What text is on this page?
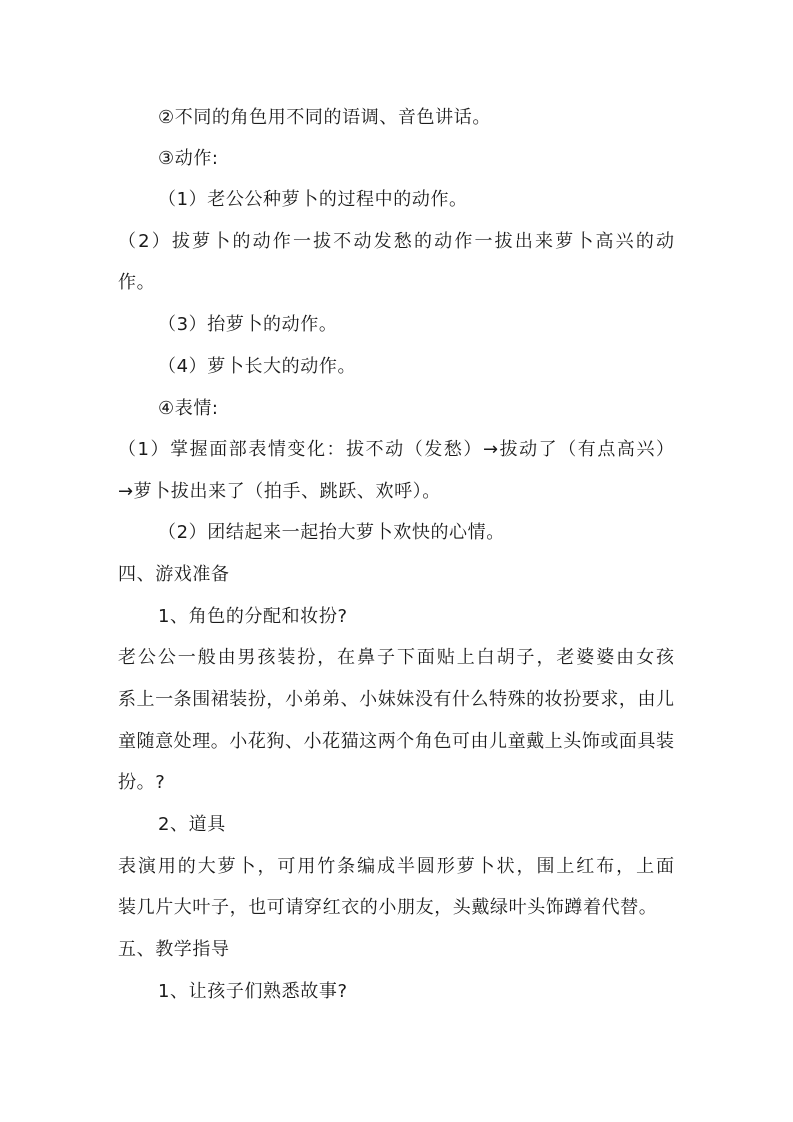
②不同的角色用不同的语调、音色讲话。
③动作:
（1）老公公种萝卜的过程中的动作。
（2）拔萝卜的动作一拔不动发愁的动作一拔出来萝卜高兴的动
作。
（3）抬萝卜的动作。
（4）萝卜长大的动作。
④表情:
（1）掌握面部表情变化：拔不动（发愁）→拔动了（有点高兴）
→萝卜拔出来了（拍手、跳跃、欢呼）。
（2）团结起来一起抬大萝卜欢快的心情。
四、游戏准备
1、角色的分配和妆扮?
老公公一般由男孩装扮，在鼻子下面贴上白胡子，老婆婆由女孩
系上一条围裙装扮，小弟弟、小妹妹没有什么特殊的妆扮要求，由儿
童随意处理。小花狗、小花猫这两个角色可由儿童戴上头饰或面具装
扮。?
2、道具
表演用的大萝卜，可用竹条编成半圆形萝卜状，围上红布，上面
装几片大叶子，也可请穿红衣的小朋友，头戴绿叶头饰蹲着代替。
五、教学指导
1、让孩子们熟悉故事?
